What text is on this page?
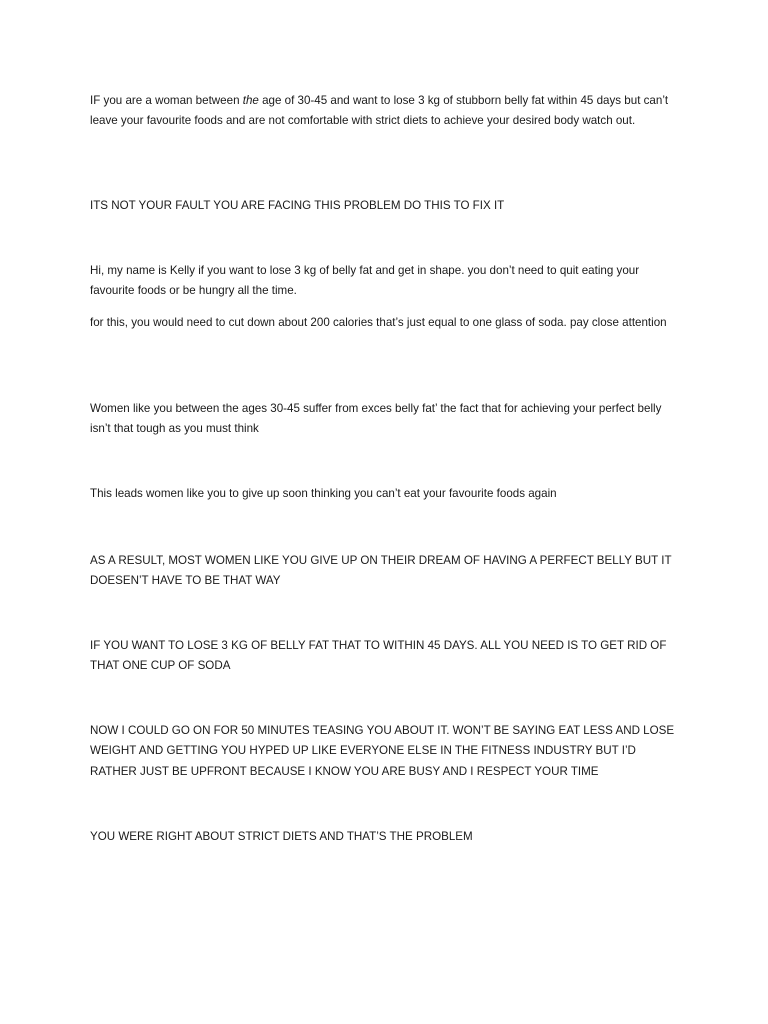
IF you are a woman between the age of 30-45 and want to lose 3 kg of stubborn belly fat within 45 days but can’t leave your favourite foods and are not comfortable with strict diets to achieve your desired body watch out.

ITS NOT YOUR FAULT YOU ARE FACING THIS PROBLEM DO THIS TO FIX IT

Hi, my name is Kelly if you want to lose 3 kg of belly fat and get in shape. you don’t need to quit eating your favourite foods or be hungry all the time.

for this, you would need to cut down about 200 calories that’s just equal to one glass of soda. pay close attention

Women like you between the ages 30-45 suffer from exces belly fat’ the fact that for achieving your perfect belly isn’t that tough as you must think

This leads women like you to give up soon thinking you can’t eat your favourite foods again

AS A RESULT, MOST WOMEN LIKE YOU GIVE UP ON THEIR DREAM OF HAVING A PERFECT BELLY BUT IT DOESEN’T HAVE TO BE THAT WAY

IF YOU WANT TO LOSE 3 KG OF BELLY FAT THAT TO WITHIN 45 DAYS. ALL YOU NEED IS TO GET RID OF THAT ONE CUP OF SODA

NOW I COULD GO ON FOR 50 MINUTES TEASING YOU ABOUT IT. WON’T BE SAYING EAT LESS AND LOSE WEIGHT AND GETTING YOU HYPED UP LIKE EVERYONE ELSE IN THE FITNESS INDUSTRY BUT I’D RATHER JUST BE UPFRONT BECAUSE I KNOW YOU ARE BUSY AND I RESPECT YOUR TIME

YOU WERE RIGHT ABOUT STRICT DIETS AND THAT’S THE PROBLEM
